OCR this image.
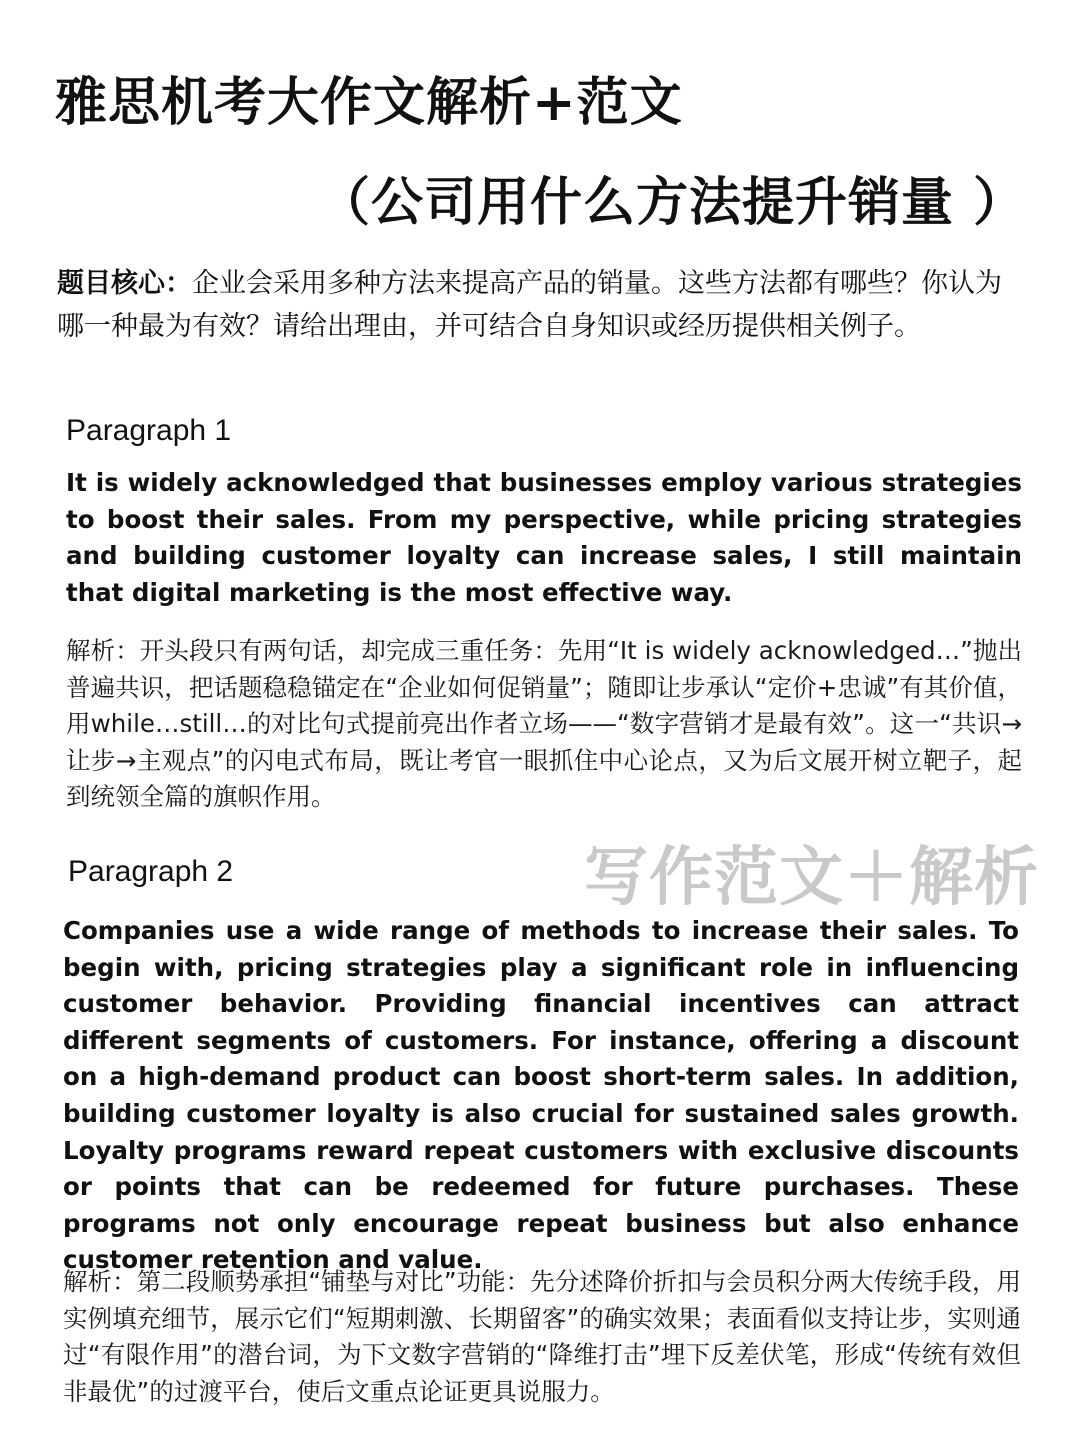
雅思机考大作文解析+范文
（公司用什么方法提升销量 ）
题目核心：企业会采用多种方法来提高产品的销量。这些方法都有哪些？你认为哪一种最为有效？请给出理由，并可结合自身知识或经历提供相关例子。
Paragraph 1
It is widely acknowledged that businesses employ various strategies to boost their sales. From my perspective, while pricing strategies and building customer loyalty can increase sales, I still maintain that digital marketing is the most effective way.
解析：开头段只有两句话，却完成三重任务：先用“It is widely acknowledged…”抛出普遍共识，把话题稳稳锚定在“企业如何促销量”；随即让步承认“定价+忠诚”有其价值，用while…still…的对比句式提前亮出作者立场——“数字营销才是最有效”。这一“共识→让步→主观点”的闪电式布局，既让考官一眼抓住中心论点，又为后文展开树立靶子，起到统领全篇的旗帜作用。
Paragraph 2	写作范文＋解析
Companies use a wide range of methods to increase their sales. To begin with, pricing strategies play a significant role in influencing customer behavior. Providing financial incentives can attract different segments of customers. For instance, offering a discount on a high-demand product can boost short-term sales. In addition, building customer loyalty is also crucial for sustained sales growth. Loyalty programs reward repeat customers with exclusive discounts or points that can be redeemed for future purchases. These programs not only encourage repeat business but also enhance customer retention and value.
解析：第二段顺势承担“铺垫与对比”功能：先分述降价折扣与会员积分两大传统手段，用实例填充细节，展示它们“短期刺激、长期留客”的确实效果；表面看似支持让步，实则通过“有限作用”的潜台词，为下文数字营销的“降维打击”埋下反差伏笔，形成“传统有效但非最优”的过渡平台，使后文重点论证更具说服力。
